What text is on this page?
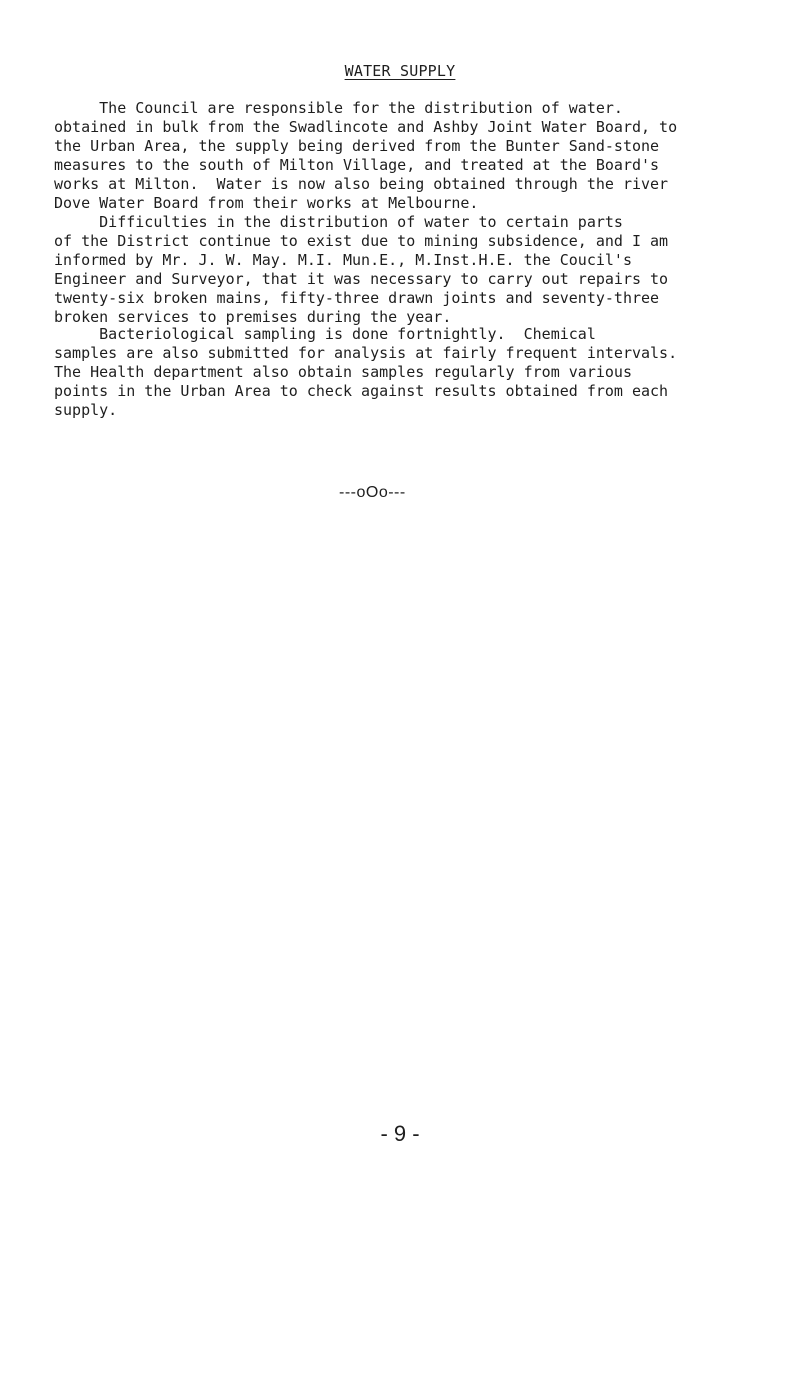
WATER SUPPLY

The Council are responsible for the distribution of water.
obtained in bulk from the Swadlincote and Ashby Joint Water Board, to
the Urban Area, the supply being derived from the Bunter Sand-stone
measures to the south of Milton Village, and treated at the Board's
works at Milton.  Water is now also being obtained through the river
Dove Water Board from their works at Melbourne.

Difficulties in the distribution of water to certain parts
of the District continue to exist due to mining subsidence, and I am
informed by Mr. J. W. May. M.I. Mun.E., M.Inst.H.E. the Coucil's
Engineer and Surveyor, that it was necessary to carry out repairs to
twenty-six broken mains, fifty-three drawn joints and seventy-three
broken services to premises during the year.

Bacteriological sampling is done fortnightly.  Chemical
samples are also submitted for analysis at fairly frequent intervals.
The Health department also obtain samples regularly from various
points in the Urban Area to check against results obtained from each
supply.

---oOo---
- 9 -
